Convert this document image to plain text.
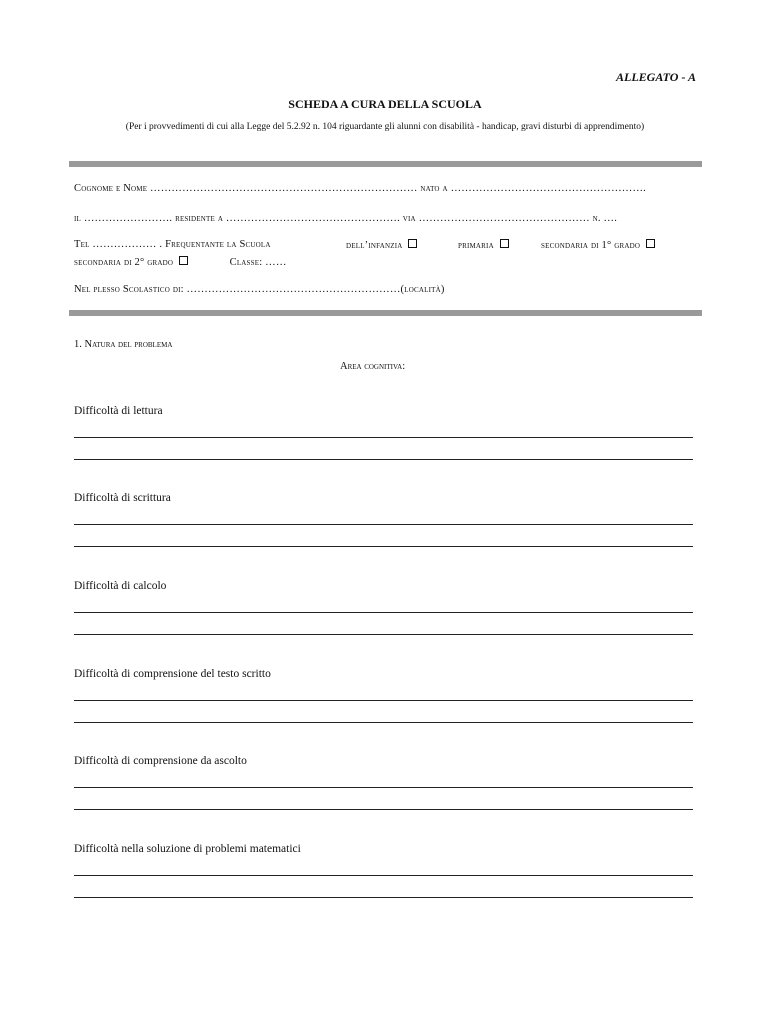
ALLEGATO - A
SCHEDA A CURA DELLA SCUOLA
(Per i provvedimenti di cui alla Legge del 5.2.92 n. 104 riguardante gli alunni con disabilità - handicap, gravi disturbi di apprendimento)
Cognome e Nome ………………………………………………………………… nato a ……………………………………………….
il ……………………. residente a …………………………………………. via ………………………………………… n. ….
Tel ……………… . Frequentante la Scuola	dell’infanzia	primaria	secondaria di 1° grado
secondaria di 2° grado	Classe: ……
Nel plesso Scolastico di: ……………………………………………………(località)
1. Natura del problema
Area cognitiva:
Difficoltà di lettura
Difficoltà di scrittura
Difficoltà di calcolo
Difficoltà di comprensione del testo scritto
Difficoltà di comprensione da ascolto
Difficoltà nella soluzione di problemi matematici
